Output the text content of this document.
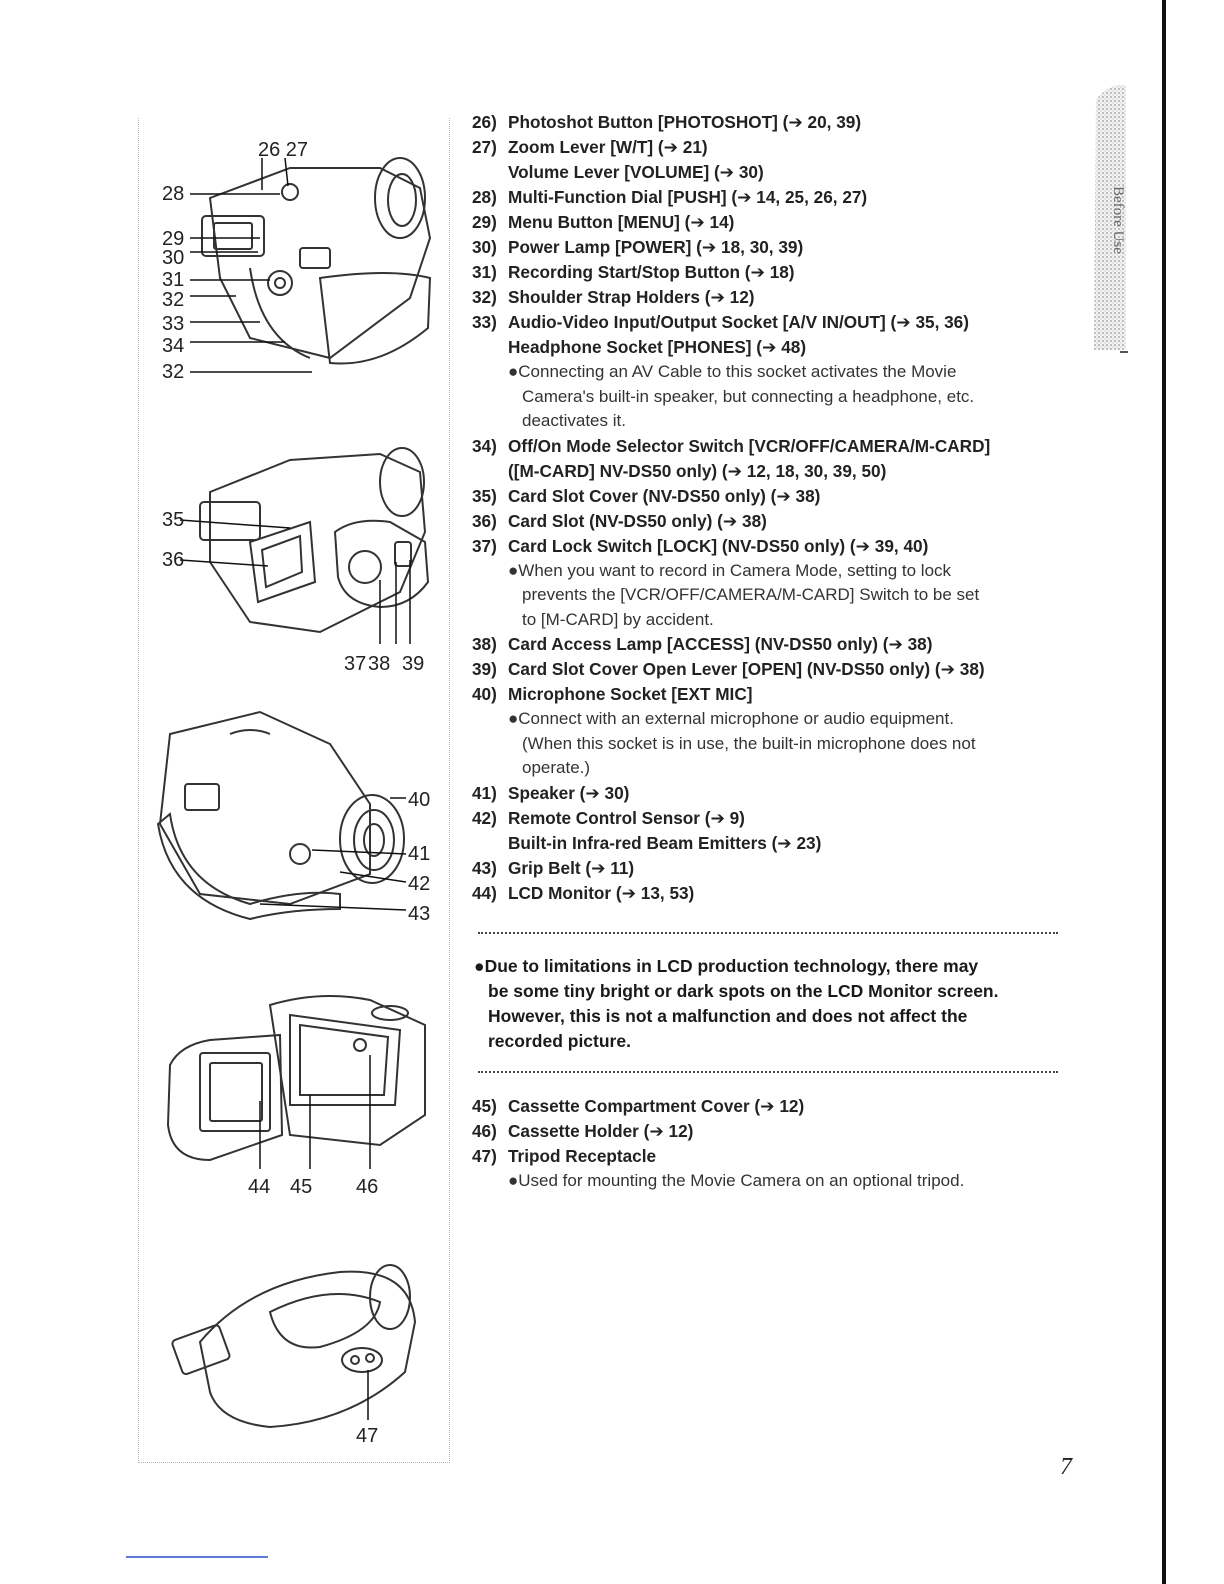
Before Use
26 27
28
29
30
31
32
33
34
32
35
36
37 38 39
40
41
42
43
44 45 46
47
26) Photoshot Button [PHOTOSHOT] (➔ 20, 39)
27) Zoom Lever [W/T] (➔ 21)
Volume Lever [VOLUME] (➔ 30)
28) Multi-Function Dial [PUSH] (➔ 14, 25, 26, 27)
29) Menu Button [MENU] (➔ 14)
30) Power Lamp [POWER] (➔ 18, 30, 39)
31) Recording Start/Stop Button (➔ 18)
32) Shoulder Strap Holders (➔ 12)
33) Audio-Video Input/Output Socket [A/V IN/OUT] (➔ 35, 36)
Headphone Socket [PHONES] (➔ 48)
●Connecting an AV Cable to this socket activates the Movie
Camera's built-in speaker, but connecting a headphone, etc.
deactivates it.
34) Off/On Mode Selector Switch [VCR/OFF/CAMERA/M-CARD]
([M-CARD] NV-DS50 only) (➔ 12, 18, 30, 39, 50)
35) Card Slot Cover (NV-DS50 only) (➔ 38)
36) Card Slot (NV-DS50 only) (➔ 38)
37) Card Lock Switch [LOCK] (NV-DS50 only) (➔ 39, 40)
●When you want to record in Camera Mode, setting to lock
prevents the [VCR/OFF/CAMERA/M-CARD] Switch to be set
to [M-CARD] by accident.
38) Card Access Lamp [ACCESS] (NV-DS50 only) (➔ 38)
39) Card Slot Cover Open Lever [OPEN] (NV-DS50 only) (➔ 38)
40) Microphone Socket [EXT MIC]
●Connect with an external microphone or audio equipment.
(When this socket is in use, the built-in microphone does not
operate.)
41) Speaker (➔ 30)
42) Remote Control Sensor (➔ 9)
Built-in Infra-red Beam Emitters (➔ 23)
43) Grip Belt (➔ 11)
44) LCD Monitor (➔ 13, 53)
●Due to limitations in LCD production technology, there may
be some tiny bright or dark spots on the LCD Monitor screen.
However, this is not a malfunction and does not affect the
recorded picture.
45) Cassette Compartment Cover (➔ 12)
46) Cassette Holder (➔ 12)
47) Tripod Receptacle
●Used for mounting the Movie Camera on an optional tripod.
7
